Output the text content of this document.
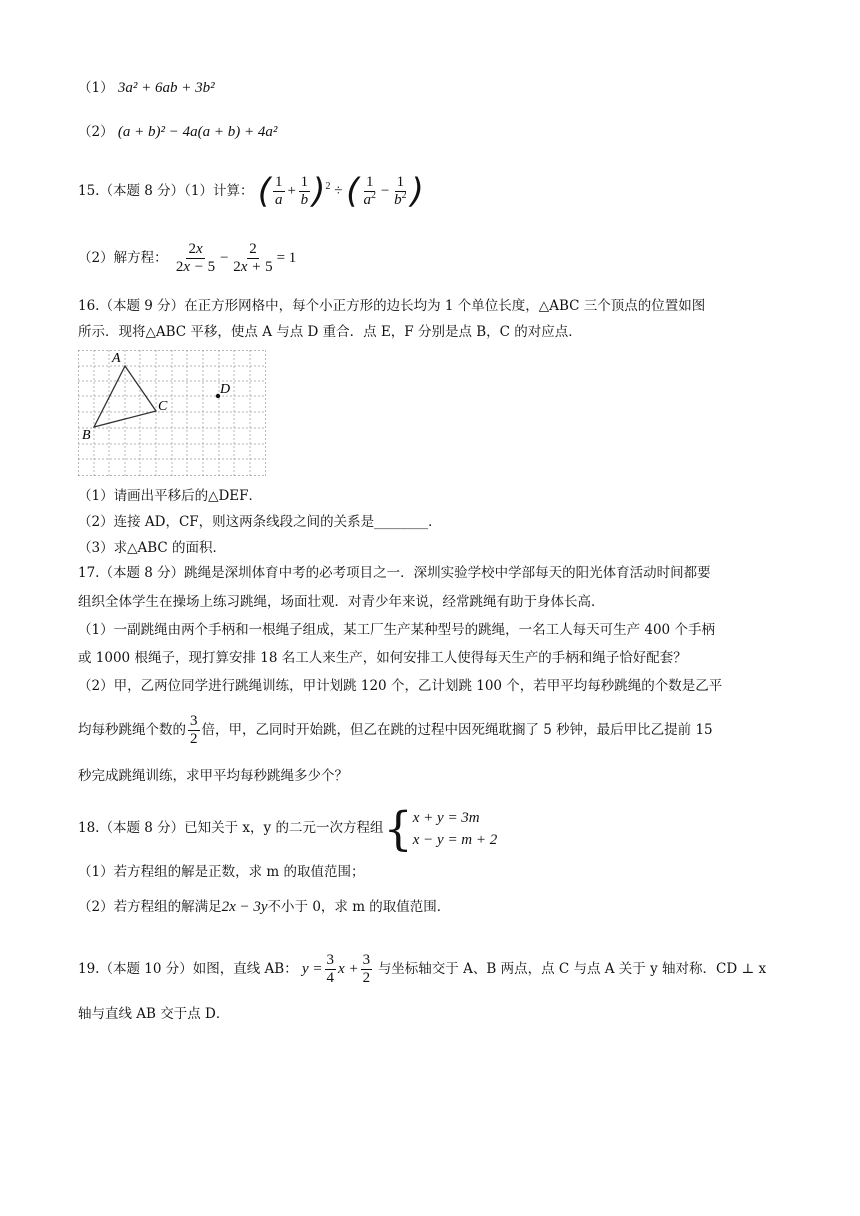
（1） 3a² + 6ab + 3b²
（2） (a + b)² − 4a(a + b) + 4a²
15.（本题 8 分）（1）计算： ( $\frac{1}{a} + \frac{1}{b} )^2$ ÷ ( $\frac{1}{a^2} - \frac{1}{b^2}$ )
（2）解方程： $\frac{2x}{2x - 5} - \frac{2}{2x + 5} = 1$
16.（本题 9 分）在正方形网格中，每个小正方形的边长均为 1 个单位长度，△ABC 三个顶点的位置如图
所示．现将△ABC 平移，使点 A 与点 D 重合．点 E，F 分别是点 B，C 的对应点．
A
B
C
D
（1）请画出平移后的△DEF．
（2）连接 AD，CF，则这两条线段之间的关系是________．
（3）求△ABC 的面积．
17.（本题 8 分）跳绳是深圳体育中考的必考项目之一．深圳实验学校中学部每天的阳光体育活动时间都要
组织全体学生在操场上练习跳绳，场面壮观．对青少年来说，经常跳绳有助于身体长高．
（1）一副跳绳由两个手柄和一根绳子组成，某工厂生产某种型号的跳绳，一名工人每天可生产 400 个手柄
或 1000 根绳子，现打算安排 18 名工人来生产，如何安排工人使得每天生产的手柄和绳子恰好配套？
（2）甲，乙两位同学进行跳绳训练，甲计划跳 120 个，乙计划跳 100 个，若甲平均每秒跳绳的个数是乙平
均每秒跳绳个数的 $\frac{3}{2}$ 倍，甲，乙同时开始跳，但乙在跳的过程中因死绳耽搁了 5 秒钟，最后甲比乙提前 15
秒完成跳绳训练，求甲平均每秒跳绳多少个？
18.（本题 8 分）已知关于 x，y 的二元一次方程组{ x + y = 3m
x − y = m + 2
（1）若方程组的解是正数，求 m 的取值范围；
（2）若方程组的解满足2x − 3y不小于 0，求 m 的取值范围．
19.（本题 10 分）如图，直线 AB： $y = \frac{3}{4}$ $x + \frac{3}{2}$ 与坐标轴交于 A、B 两点，点 C 与点 A 关于 y 轴对称．CD ⊥ x
轴与直线 AB 交于点 D．
